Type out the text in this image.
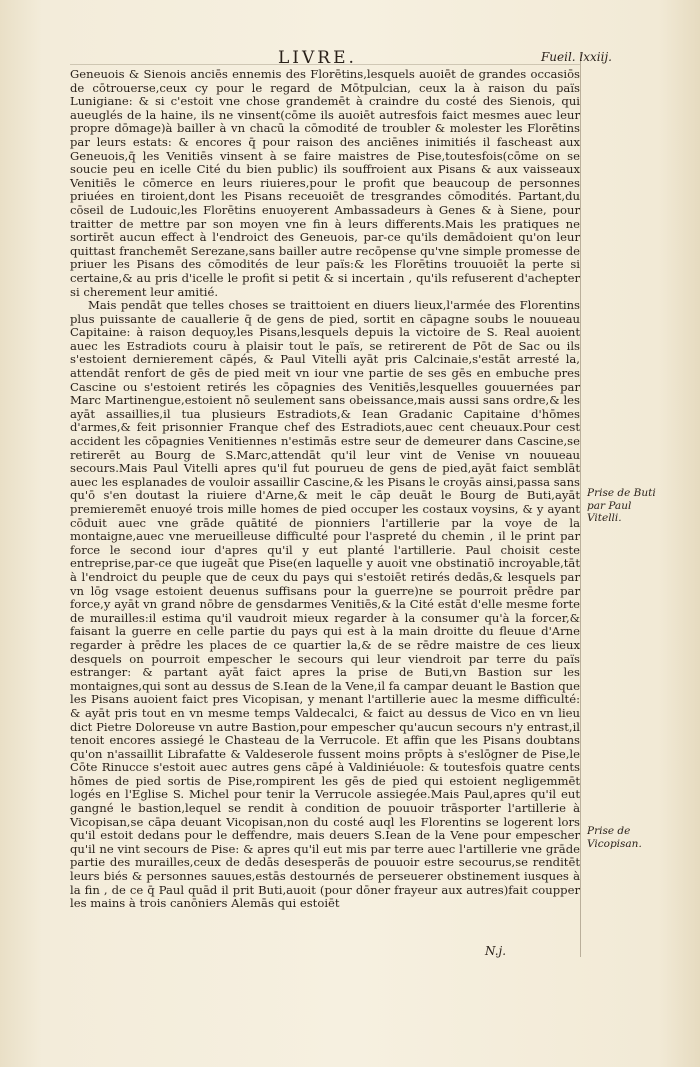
LIVRE.	Fueil. lxxiij.

Geneuois & Sienois anciēs ennemis des Florētins,lesquels auoiēt de grandes occasiōs de cōtrouerse,ceux cy pour le regard de Mōtpulcian, ceux la à raison du païs Lunigiane: & si c'estoit vne chose grandemēt à craindre du costé des Sienois, qui aueuglés de la haine, ils ne vinsent(cōme ils auoiēt autresfois faict mesmes auec leur propre dōmage)à bailler à vn chacū la cōmodité de troubler & molester les Florētins par leurs estats: & encores q̄ pour raison des anciēnes inimitiés il fascheast aux Geneuois,q̄ les Venitiēs vinsent à se faire maistres de Pise,toutesfois(cōme on se soucie peu en icelle Cité du bien public) ils souffroient aux Pisans & aux vaisseaux Venitiēs le cōmerce en leurs riuieres,pour le profit que beaucoup de personnes priuées en tiroient,dont les Pisans receuoiēt de tresgrandes cōmodités. Partant,du cōseil de Ludouic,les Florētins enuoyerent Ambassadeurs à Genes & à Siene, pour traitter de mettre par son moyen vne fin à leurs differents.Mais les pratiques ne sortirēt aucun effect à l'endroict des Geneuois, par-ce qu'ils demādoient qu'on leur quittast franchemēt Serezane,sans bailler autre recōpense qu'vne simple promesse de priuer les Pisans des cōmodités de leur païs:& les Florētins trouuoiēt la perte si certaine,& au pris d'icelle le profit si petit & si incertain , qu'ils refuserent d'achepter si cherement leur amitié.

Mais pendāt que telles choses se traittoient en diuers lieux,l'armée des Florentins plus puissante de cauallerie q̄ de gens de pied, sortit en cāpagne soubs le nouueau Capitaine: à raison dequoy,les Pisans,lesquels depuis la victoire de S. Real auoient auec les Estradiots couru à plaisir tout le païs, se retirerent de Pōt de Sac ou ils s'estoient dernierement cāpés, & Paul Vitelli ayāt pris Calcinaie,s'estāt arresté la, attendāt renfort de gēs de pied meit vn iour vne partie de ses gēs en embuche pres Cascine ou s'estoient retirés les cōpagnies des Venitiēs,lesquelles gouuernées par Marc Martinengue,estoient nō seulement sans obeissance,mais aussi sans ordre,& les ayāt assaillies,il tua plusieurs Estradiots,& Iean Gradanic Capitaine d'hōmes d'armes,& feit prisonnier Franque chef des Estradiots,auec cent cheuaux.Pour cest accident les cōpagnies Venitiennes n'estimās estre seur de demeurer dans Cascine,se retirerēt au Bourg de S.Marc,attendāt qu'il leur vint de Venise vn nouueau secours.Mais Paul Vitelli apres qu'il fut pourueu de gens de pied,ayāt faict semblāt auec les esplanades de vouloir assaillir Cascine,& les Pisans le croyās ainsi,passa sans qu'ō s'en doutast la riuiere d'Arne,& meit le cāp deuāt le Bourg de Buti,ayāt premieremēt enuoyé trois mille homes de pied occuper les costaux voysins, & y ayant cōduit auec vne grāde quātité de pionniers l'artillerie par la voye de la montaigne,auec vne merueilleuse difficulté pour l'aspreté du chemin , il le print par force le second iour d'apres qu'il y eut planté l'artillerie. Paul choisit ceste entreprise,par-ce que iugeāt que Pise(en laquelle y auoit vne obstinatiō incroyable,tāt à l'endroict du peuple que de ceux du pays qui s'estoiēt retirés dedās,& lesquels par vn lōg vsage estoient deuenus suffisans pour la guerre)ne se pourroit prēdre par force,y ayāt vn grand nōbre de gensdarmes Venitiēs,& la Cité estāt d'elle mesme forte de murailles:il estima qu'il vaudroit mieux regarder à la consumer qu'à la forcer,& faisant la guerre en celle partie du pays qui est à la main droitte du fleuue d'Arne regarder à prēdre les places de ce quartier la,& de se rēdre maistre de ces lieux desquels on pourroit empescher le secours qui leur viendroit par terre du païs estranger: & partant ayāt faict apres la prise de Buti,vn Bastion sur les montaignes,qui sont au dessus de S.Iean de la Vene,il fa campar deuant le Bastion que les Pisans auoient faict pres Vicopisan, y menant l'artillerie auec la mesme difficulté: & ayāt pris tout en vn mesme temps Valdecalci, & faict au dessus de Vico en vn lieu dict Pietre Doloreuse vn autre Bastion,pour empescher qu'aucun secours n'y entrast,il tenoit encores assiegé le Chasteau de la Verrucole. Et affin que les Pisans doubtans qu'on n'assaillit Librafatte & Valdeserole fussent moins prōpts à s'eslōgner de Pise,le Cōte Rinucce s'estoit auec autres gens cāpé à Valdiniéuole: & toutesfois quatre cents hōmes de pied sortis de Pise,rompirent les gēs de pied qui estoient negligemmēt logés en l'Eglise S. Michel pour tenir la Verrucole assiegée.Mais Paul,apres qu'il eut gangné le bastion,lequel se rendit à condition de pouuoir trāsporter l'artillerie à Vicopisan,se cāpa deuant Vicopisan,non du costé auql les Florentins se logerent lors qu'il estoit dedans pour le deffendre, mais deuers S.Iean de la Vene pour empescher qu'il ne vint secours de Pise: & apres qu'il eut mis par terre auec l'artillerie vne grāde partie des murailles,ceux de dedās desesperās de pouuoir estre secourus,se renditēt leurs biés & personnes sauues,estās destournés de perseuerer obstinement iusques à la fin , de ce q̄ Paul quād il prit Buti,auoit (pour dōner frayeur aux autres)fait coupper les mains à trois canōniers Alemās qui estoiēt

Prise de Buti par Paul Vitelli.
Prise de Vicopisan.
N.j.
